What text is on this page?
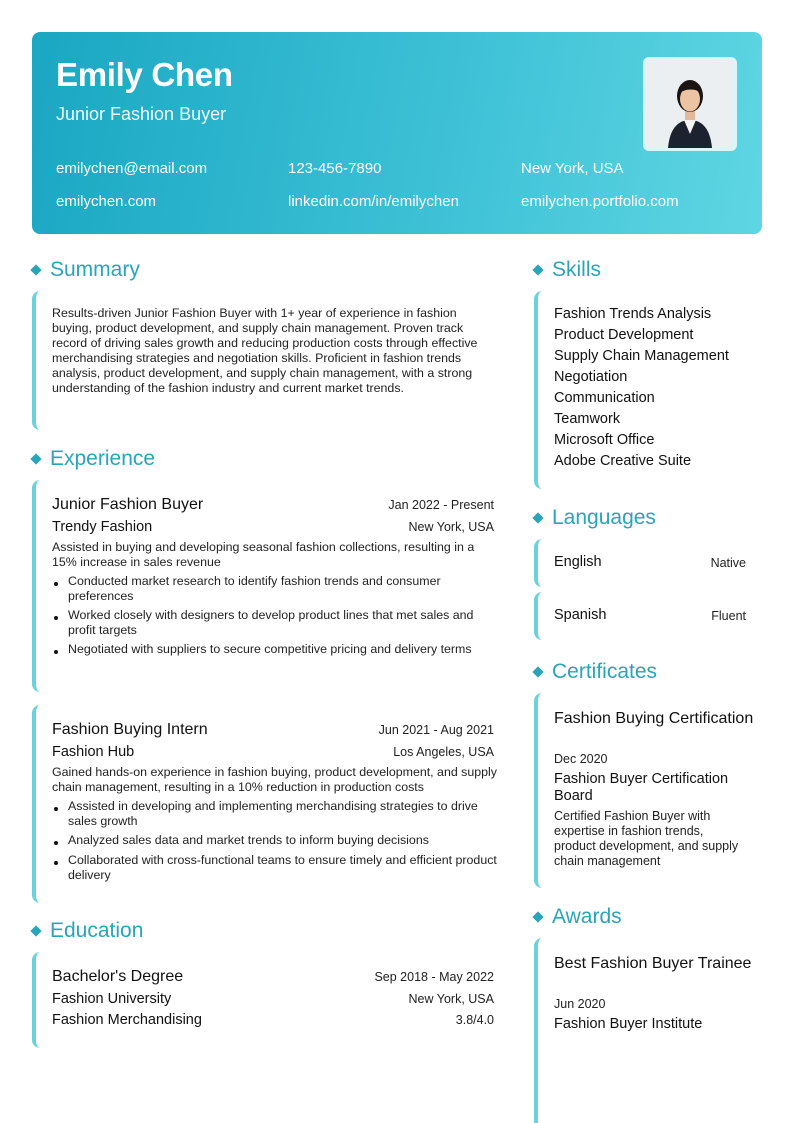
Emily Chen
Junior Fashion Buyer
emilychen@email.com	123-456-7890	New York, USA
emilychen.com	linkedin.com/in/emilychen	emilychen.portfolio.com
Summary
Results-driven Junior Fashion Buyer with 1+ year of experience in fashion buying, product development, and supply chain management. Proven track record of driving sales growth and reducing production costs through effective merchandising strategies and negotiation skills. Proficient in fashion trends analysis, product development, and supply chain management, with a strong understanding of the fashion industry and current market trends.
Experience
Junior Fashion Buyer	Jan 2022 - Present
Trendy Fashion	New York, USA
Assisted in buying and developing seasonal fashion collections, resulting in a 15% increase in sales revenue
Conducted market research to identify fashion trends and consumer preferences
Worked closely with designers to develop product lines that met sales and profit targets
Negotiated with suppliers to secure competitive pricing and delivery terms
Fashion Buying Intern	Jun 2021 - Aug 2021
Fashion Hub	Los Angeles, USA
Gained hands-on experience in fashion buying, product development, and supply chain management, resulting in a 10% reduction in production costs
Assisted in developing and implementing merchandising strategies to drive sales growth
Analyzed sales data and market trends to inform buying decisions
Collaborated with cross-functional teams to ensure timely and efficient product delivery
Education
Bachelor's Degree	Sep 2018 - May 2022
Fashion University	New York, USA
Fashion Merchandising	3.8/4.0
Skills
Fashion Trends Analysis
Product Development
Supply Chain Management
Negotiation
Communication
Teamwork
Microsoft Office
Adobe Creative Suite
Languages
English	Native
Spanish	Fluent
Certificates
Fashion Buying Certification
Dec 2020
Fashion Buyer Certification Board
Certified Fashion Buyer with expertise in fashion trends, product development, and supply chain management
Awards
Best Fashion Buyer Trainee
Jun 2020
Fashion Buyer Institute
